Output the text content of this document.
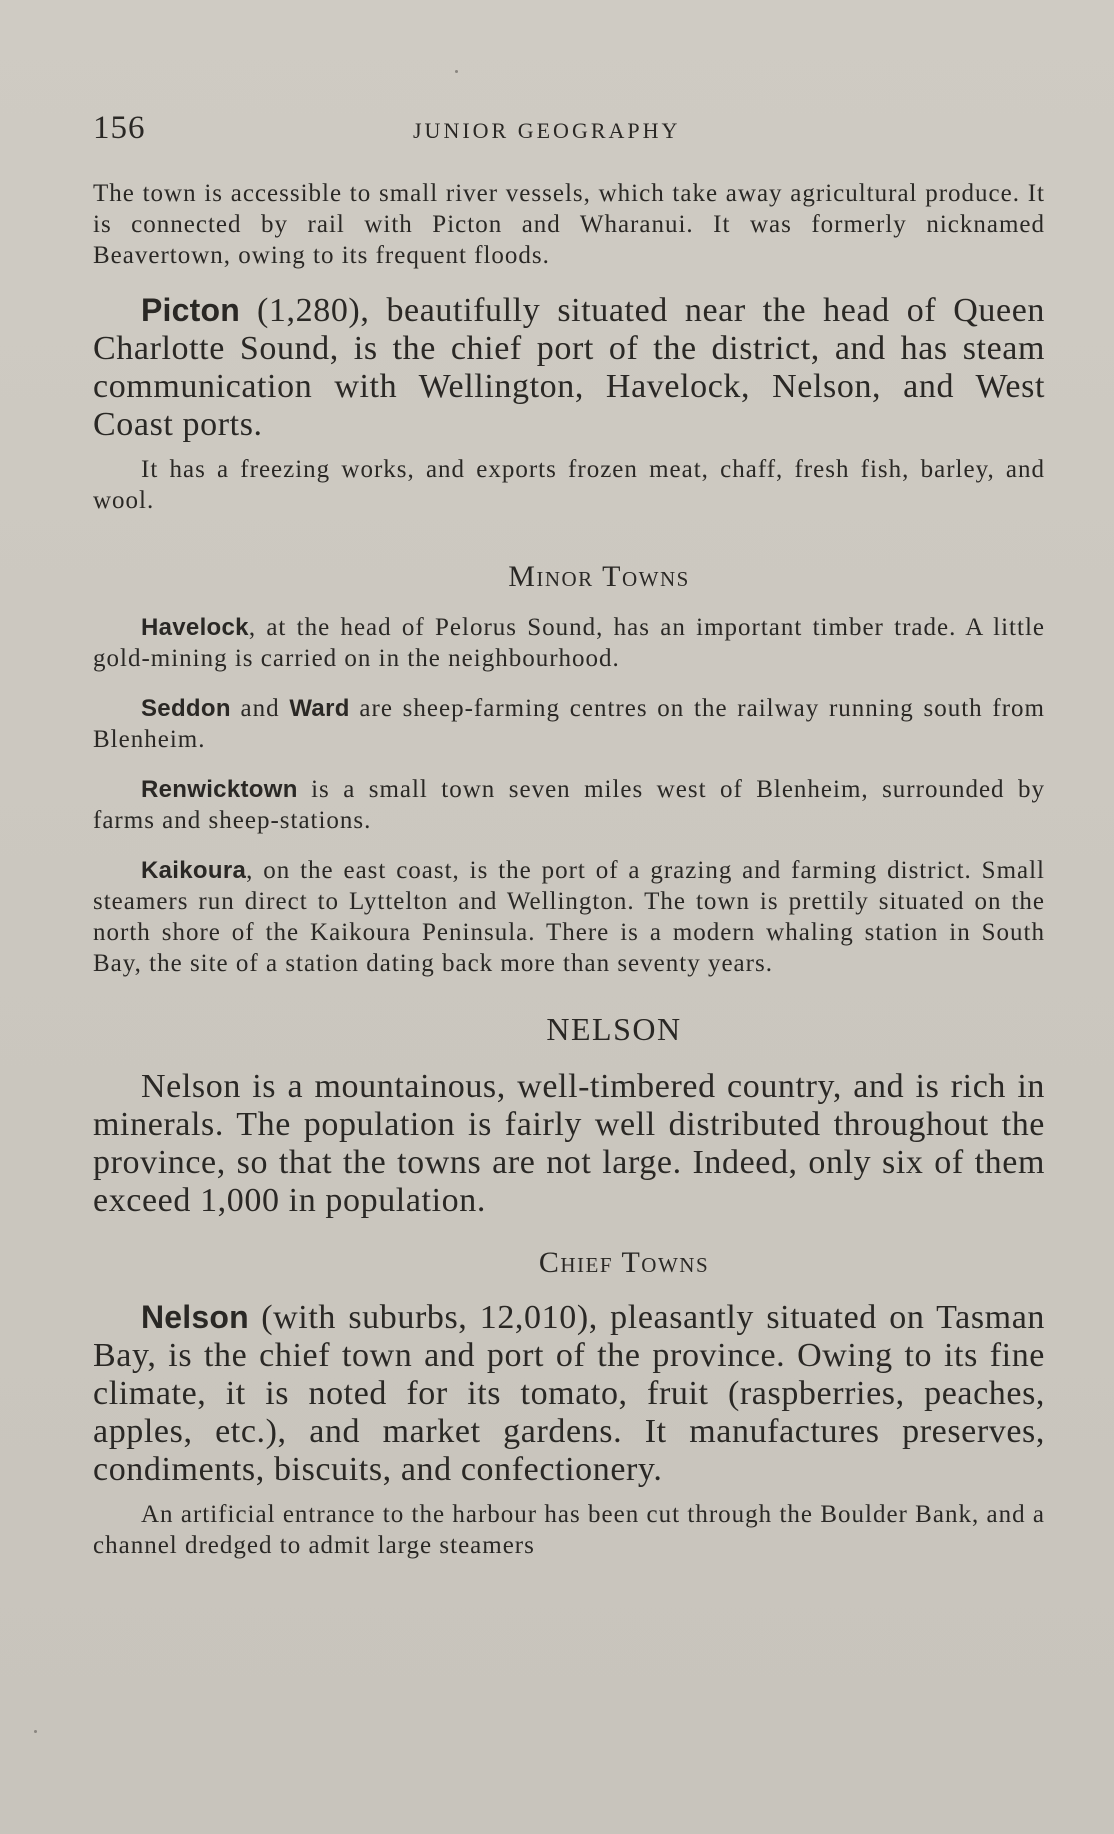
156	JUNIOR GEOGRAPHY

The town is accessible to small river vessels, which take away agricultural produce. It is connected by rail with Picton and Wharanui. It was formerly nicknamed Beavertown, owing to its frequent floods.

Picton (1,280), beautifully situated near the head of Queen Charlotte Sound, is the chief port of the district, and has steam communication with Wellington, Havelock, Nelson, and West Coast ports.

It has a freezing works, and exports frozen meat, chaff, fresh fish, barley, and wool.

Minor Towns

Havelock, at the head of Pelorus Sound, has an important timber trade. A little gold-mining is carried on in the neighbourhood.

Seddon and Ward are sheep-farming centres on the railway running south from Blenheim.

Renwicktown is a small town seven miles west of Blenheim, surrounded by farms and sheep-stations.

Kaikoura, on the east coast, is the port of a grazing and farming district. Small steamers run direct to Lyttelton and Wellington. The town is prettily situated on the north shore of the Kaikoura Peninsula. There is a modern whaling station in South Bay, the site of a station dating back more than seventy years.

NELSON

Nelson is a mountainous, well-timbered country, and is rich in minerals. The population is fairly well distributed throughout the province, so that the towns are not large. Indeed, only six of them exceed 1,000 in population.

Chief Towns

Nelson (with suburbs, 12,010), pleasantly situated on Tasman Bay, is the chief town and port of the province. Owing to its fine climate, it is noted for its tomato, fruit (raspberries, peaches, apples, etc.), and market gardens. It manufactures preserves, condiments, biscuits, and confectionery.

An artificial entrance to the harbour has been cut through the Boulder Bank, and a channel dredged to admit large steamers
